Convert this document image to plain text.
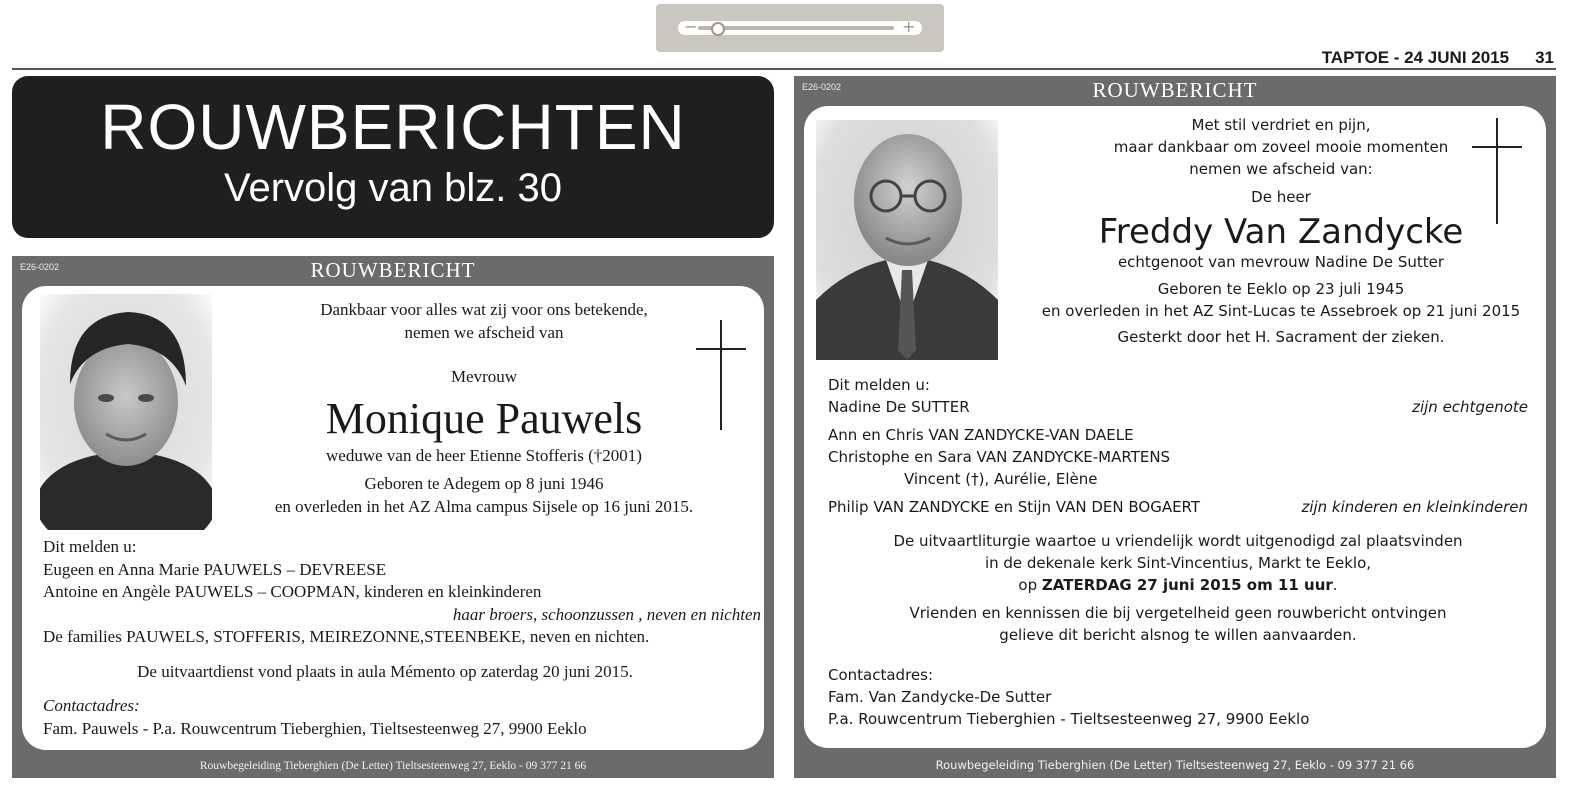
−	+
TAPTOE - 24 JUNI 2015 31
ROUWBERICHTEN
Vervolg van blz. 30
E26-0202	ROUWBERICHT
Dankbaar voor alles wat zij voor ons betekende,
nemen we afscheid van
Mevrouw
Monique Pauwels
weduwe van de heer Etienne Stofferis (†2001)
Geboren te Adegem op 8 juni 1946
en overleden in het AZ Alma campus Sijsele op 16 juni 2015.
Dit melden u:
Eugeen en Anna Marie PAUWELS – DEVREESE
Antoine en Angèle PAUWELS – COOPMAN, kinderen en kleinkinderen
haar broers, schoonzussen , neven en nichten
De families PAUWELS, STOFFERIS, MEIREZONNE,STEENBEKE, neven en nichten.
De uitvaartdienst vond plaats in aula Mémento op zaterdag 20 juni 2015.
Contactadres:
Fam. Pauwels - P.a. Rouwcentrum Tieberghien, Tieltsesteenweg 27, 9900 Eeklo
Rouwbegeleiding Tieberghien (De Letter) Tieltsesteenweg 27, Eeklo - 09 377 21 66
E26-0202	ROUWBERICHT
Met stil verdriet en pijn,
maar dankbaar om zoveel mooie momenten
nemen we afscheid van:
De heer
Freddy Van Zandycke
echtgenoot van mevrouw Nadine De Sutter
Geboren te Eeklo op 23 juli 1945
en overleden in het AZ Sint-Lucas te Assebroek op 21 juni 2015
Gesterkt door het H. Sacrament der zieken.
Dit melden u:
Nadine De SUTTER	zijn echtgenote
Ann en Chris VAN ZANDYCKE-VAN DAELE
Christophe en Sara VAN ZANDYCKE-MARTENS
Vincent (†), Aurélie, Elène
Philip VAN ZANDYCKE en Stijn VAN DEN BOGAERT	zijn kinderen en kleinkinderen
De uitvaartliturgie waartoe u vriendelijk wordt uitgenodigd zal plaatsvinden
in de dekenale kerk Sint-Vincentius, Markt te Eeklo,
op ZATERDAG 27 juni 2015 om 11 uur.
Vrienden en kennissen die bij vergetelheid geen rouwbericht ontvingen
gelieve dit bericht alsnog te willen aanvaarden.
Contactadres:
Fam. Van Zandycke-De Sutter
P.a. Rouwcentrum Tieberghien - Tieltsesteenweg 27, 9900 Eeklo
Rouwbegeleiding Tieberghien (De Letter) Tieltsesteenweg 27, Eeklo - 09 377 21 66
